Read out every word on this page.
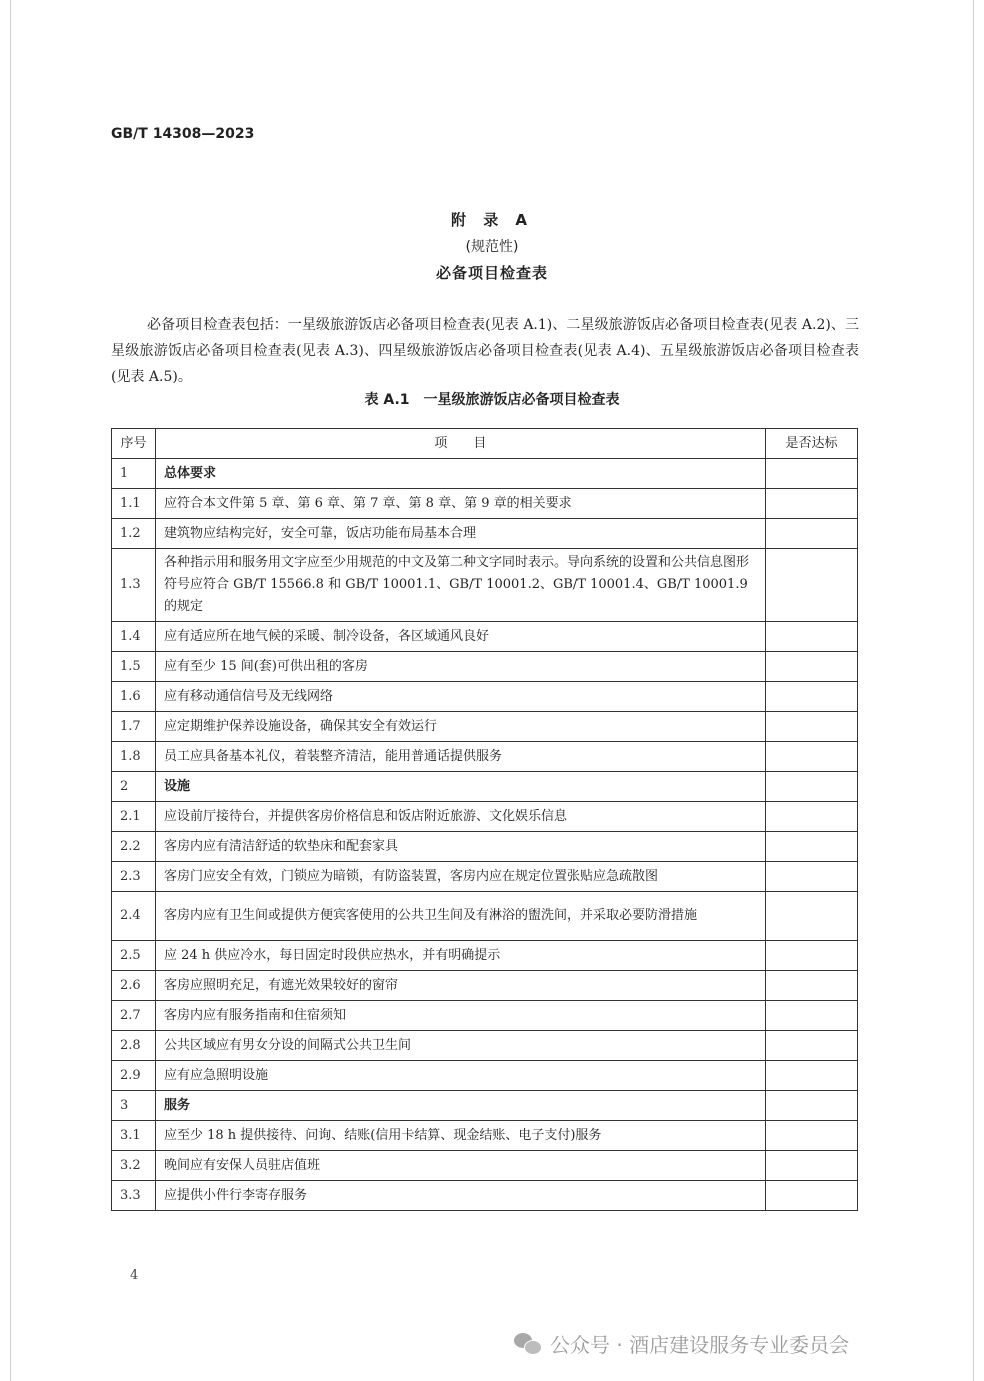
GB/T 14308—2023
附 录 A
(规范性)
必备项目检查表

必备项目检查表包括：一星级旅游饭店必备项目检查表(见表 A.1)、二星级旅游饭店必备项目检查表(见表 A.2)、三星级旅游饭店必备项目检查表(见表 A.3)、四星级旅游饭店必备项目检查表(见表 A.4)、五星级旅游饭店必备项目检查表(见表 A.5)。

表 A.1　一星级旅游饭店必备项目检查表
序号	项　　目	是否达标
1	总体要求	
1.1	应符合本文件第 5 章、第 6 章、第 7 章、第 8 章、第 9 章的相关要求	
1.2	建筑物应结构完好，安全可靠，饭店功能布局基本合理	
1.3	各种指示用和服务用文字应至少用规范的中文及第二种文字同时表示。导向系统的设置和公共信息图形符号应符合 GB/T 15566.8 和 GB/T 10001.1、GB/T 10001.2、GB/T 10001.4、GB/T 10001.9 的规定	
1.4	应有适应所在地气候的采暖、制冷设备，各区域通风良好	
1.5	应有至少 15 间(套)可供出租的客房	
1.6	应有移动通信信号及无线网络	
1.7	应定期维护保养设施设备，确保其安全有效运行	
1.8	员工应具备基本礼仪，着装整齐清洁，能用普通话提供服务	
2	设施	
2.1	应设前厅接待台，并提供客房价格信息和饭店附近旅游、文化娱乐信息	
2.2	客房内应有清洁舒适的软垫床和配套家具	
2.3	客房门应安全有效，门锁应为暗锁，有防盗装置，客房内应在规定位置张贴应急疏散图	
2.4	客房内应有卫生间或提供方便宾客使用的公共卫生间及有淋浴的盥洗间，并采取必要防滑措施	
2.5	应 24 h 供应冷水，每日固定时段供应热水，并有明确提示	
2.6	客房应照明充足，有遮光效果较好的窗帘	
2.7	客房内应有服务指南和住宿须知	
2.8	公共区域应有男女分设的间隔式公共卫生间	
2.9	应有应急照明设施	
3	服务	
3.1	应至少 18 h 提供接待、问询、结账(信用卡结算、现金结账、电子支付)服务	
3.2	晚间应有安保人员驻店值班	
3.3	应提供小件行李寄存服务	
4
公众号 · 酒店建设服务专业委员会
